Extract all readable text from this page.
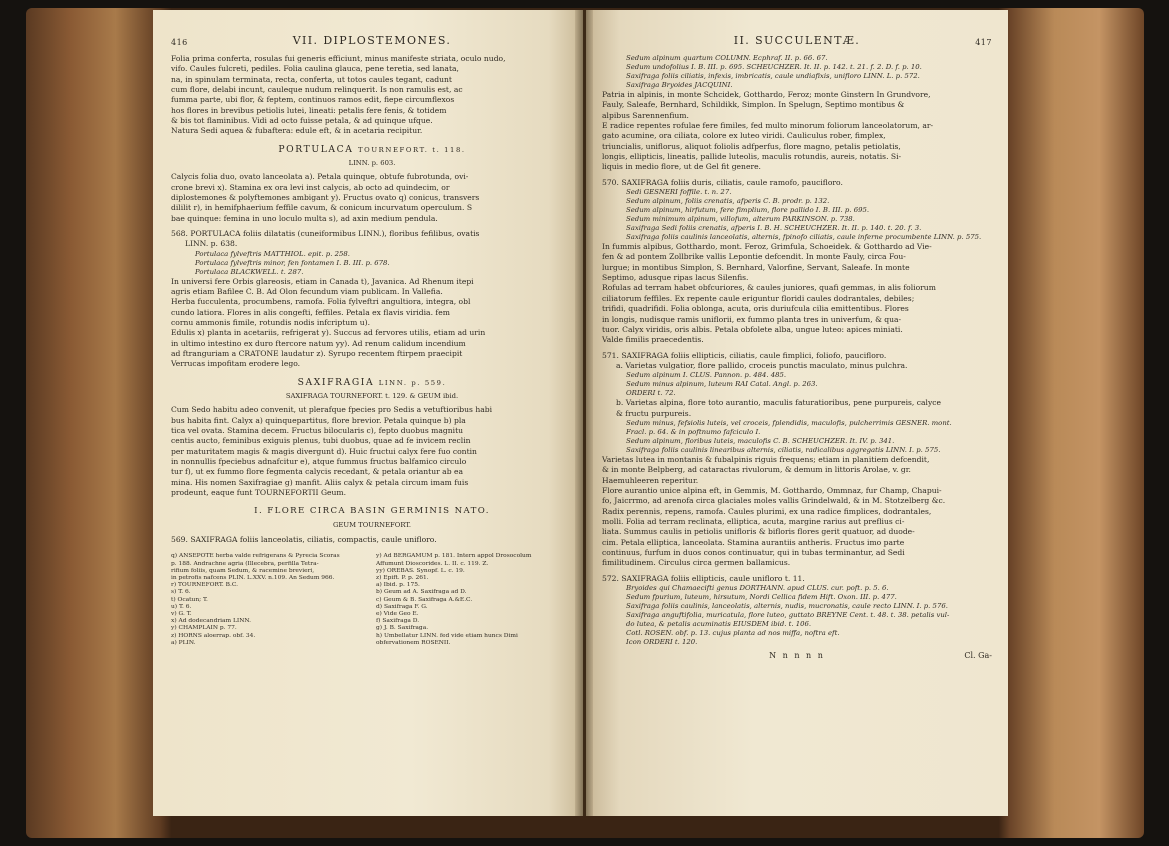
416	VII. DIPLOSTEMONES.
Folia prima conferta, rosulas fui generis efficiunt, minus manifeste striata, oculo nudo,
vifo. Caules fulcreti, pediles. Folia caulina glauca, pene teretia, sed lanata,
na, in spinulam terminata, recta, conferta, ut totos caules tegant, cadunt
cum flore, delabi incunt, cauleque nudum relinquerit. Is non ramulis est, ac
fumma parte, ubi flor, & feptem, continuos ramos edit, fiepe circumflexos
hos flores in brevibus petiolis lutei, lineati: petalis fere fenis, & totidem
& bis tot flaminibus. Vidi ad octo fuisse petala, & ad quinque ufque.
Natura Sedi aquea & fubaftera: edule eft, & in acetaria recipitur.
PORTULACA TOURNEFORT. t. 118.
LINN. p. 603.
Calycis folia duo, ovato lanceolata a). Petala quinque, obtufe fubrotunda, ovi-
crone brevi x). Stamina ex ora levi inst calycis, ab octo ad quindecim, or
diplostemones & polyftemones ambigant y). Fructus ovato q) conicus, transvers
dililit r), in hemifphaerium feffile cavum, & conicum incurvatum operculum. S
bae quinque: femina in uno loculo multa s), ad axin medium pendula.
568. PORTULACA foliis dilatatis (cuneiformibus LINN.), floribus fefilibus, ovatis
LINN. p. 638.
Portulaca fylveftris MATTHIOL. epit. p. 258.
Portulaca fylveftris minor, fen fontamen I. B. III. p. 678.
Portulaca BLACKWELL. t. 287.
In universi fere Orbis glareosis, etiam in Canada t), Javanica. Ad Rhenum itepi
agris etiam Bafilee C. B. Ad Olon fecundum viam publicam. In Vallefia.
Herba fucculenta, procumbens, ramofa. Folia fylveftri angultiora, integra, obl
cundo latiora. Flores in alis congefti, feffiles. Petala ex flavis viridia. fem
cornu ammonis fimile, rotundis nodis infcriptum u).
Edulis x) planta in acetariis, refrigerat y). Succus ad fervores utilis, etiam ad urin
in ultimo intestino ex duro ftercore natum yy). Ad renum calidum incendium
ad ftranguriam a CRATONE laudatur z). Syrupo recentem ftirpem praecipit
Verrucas impofitam erodere lego.
SAXIFRAGIA LINN. p. 559.
SAXIFRAGA TOURNEFORT. t. 129. & GEUM ibid.
Cum Sedo habitu adeo convenit, ut plerafque fpecies pro Sedis a vetuftioribus habi
bus habita fint. Calyx a) quinquepartitus, flore brevior. Petala quinque b) pla
tica vel ovata. Stamina decem. Fructus bilocularis c), fepto duobus magnitu
centis aucto, feminibus exiguis plenus, tubi duobus, quae ad fe invicem reclin
per maturitatem magis & magis divergunt d). Huic fructui calyx fere fuo contin
in nonnullis fpeciebus adnafcitur e), atque fummus fructus balfamico circulo
tur f), ut ex fummo flore fegmenta calycis recedant, & petala oriantur ab ea
mina. His nomen Saxifragiae g) manfit. Aliis calyx & petala circum imam fuis
prodeunt, eaque funt TOURNEFORTII Geum.
I. FLORE CIRCA BASIN GERMINIS NATO.
GEUM TOURNEFORT.
569. SAXIFRAGA foliis lanceolatis, ciliatis, compactis, caule unifloro.
q) ANSEPOTE herba valde refrigerans & Pyrecia Scoras
p. 188. Andrachne agria (Illecebra, perfilla Tetra-
rifium foliis, quam Sedum, & racemine brevieri,
in petrofis nafcens PLIN. L.XXV. n.109. An Sedum 966.
r) TOURNEFORT. B.C.
s) T. 6.
t) Ocatun; T.
u) T. 6.
v) G. T.
x) Ad dodecandriam LINN.
y) CHAMPLAIN p. 77.
z) HORNS aloerrap. obf. 34.
a) PLIN.
y) Ad BERGAMUM p. 181. Intern appol Drosocolum
Affumunt Dioscorides. L. II. c. 119. Z.
yy) OREBAS. Synopf. L. c. 19.
z) Epift. P. p. 261.
a) Ibid. p. 175.
b) Geum ad A. Saxifraga ad D.
c) Geum & B. Saxifraga A.&E.C.
d) Saxifraga F. G.
e) Vide Geo E.
f) Saxifraga D.
g) J. B. Saxifraga.
h) Umbellatur LINN. fed vide etiam huncs Dimi
obfervationem ROSENII.
II. SUCCULENTÆ.	417
Sedum alpinum quartum COLUMN. Ecphraf. II. p. 66. 67.
Sedum undofolius I. B. III. p. 695. SCHEUCHZER. It. II. p. 142. t. 21. f. 2. D. f. p. 10.
Saxifraga foliis ciliatis, infexis, imbricatis, caule undiafixis, unifloro LINN. L. p. 572.
Saxifraga Bryoides JACQUINI.
Patria in alpinis, in monte Schcidek, Gotthardo, Feroz; monte Ginstern In Grundvore,
Fauly, Saleafe, Bernhard, Schildikk, Simplon. In Spelugn, Septimo montibus &
alpibus Sarennenfium.
E radice repentes rofulae fere fimiles, fed multo minorum foliorum lanceolatorum, ar-
gato acumine, ora ciliata, colore ex luteo viridi. Cauliculus rober, fimplex,
triuncialis, uniflorus, aliquot foliolis adfperfus, flore magno, petalis petiolatis,
longis, ellipticis, lineatis, pallide luteolis, maculis rotundis, aureis, notatis. Si-
liquis in medio flore, ut de Gel fit genere.
570. SAXIFRAGA foliis duris, ciliatis, caule ramofo, paucifloro.
Sedi GESNERI foffile. t. n. 27.
Sedum alpinum, foliis crenatis, afperis C. B. prodr. p. 132.
Sedum alpinum, hirfutum, fere fimplium, flore pallido I. B. III. p. 695.
Sedum minimum alpinum, villofum, alterum PARKINSON. p. 738.
Saxifraga Sedi foliis crenatis, afperis I. B. H. SCHEUCHZER. It. II. p. 140. t. 20. f. 3.
Saxifraga foliis caulinis lanceolatis, alternis, fpinofo ciliatis, caule inferne procumbente LINN. p. 575.
In fummis alpibus, Gotthardo, mont. Feroz, Grimfula, Schoeidek. & Gotthardo ad Vie-
fen & ad pontem Zollbrike vallis Lepontie defcendit. In monte Fauly, circa Fou-
lurgue; in montibus Simplon, S. Bernhard, Valorfine, Servant, Saleafe. In monte
Septimo, adusque ripas lacus Silenfis.
Rofulas ad terram habet obfcuriores, & caules juniores, quafi gemmas, in alis foliorum
ciliatorum feffiles. Ex repente caule eriguntur floridi caules dodrantales, debiles;
trifidi, quadrifidi. Folia oblonga, acuta, oris duriufcula cilia emittentibus. Flores
in longis, nudisque ramis uniflorii, ex fummo planta tres in univerfum, & qua-
tuor. Calyx viridis, oris albis. Petala obfolete alba, ungue luteo: apices miniati.
Valde fimilis praecedentis.
571. SAXIFRAGA foliis ellipticis, ciliatis, caule fimplici, foliofo, paucifloro.
a. Varietas vulgatior, flore pallido, croceis punctis maculato, minus pulchra.
Sedum alpinum I. CLUS. Pannon. p. 484. 485.
Sedum minus alpinum, luteum RAI Catal. Angl. p. 263.
ORDERI t. 72.
b. Varietas alpina, flore toto aurantio, maculis faturatioribus, pene purpureis, calyce
& fructu purpureis.
Sedum minus, fefsiolis luteis, vel croceis, fplendidis, maculofis, pulcherrimis GESNER. mont.
Fracl. p. 64. & in poftnumo fafciculo I.
Sedum alpinum, floribus luteis, maculofis C. B. SCHEUCHZER. It. IV. p. 341.
Saxifraga foliis caulinis linearibus alternis, ciliatis, radicalibus aggregatis LINN. I. p. 575.
Varietas lutea in montanis & fubalpinis riguis frequens; etiam in planitiem defcendit,
& in monte Belpberg, ad cataractas rivulorum, & demum in littoris Arolae, v. gr.
Haemuhleeren reperitur.
Flore aurantio unice alpina eft, in Gemmis, M. Gotthardo, Ommnaz, fur Champ, Chapui-
fo, Jaicrrmo, ad arenofa circa glaciales moles vallis Grindelwald, & in M. Stotzelberg &c.
Radix perennis, repens, ramofa. Caules plurimi, ex una radice fimplices, dodrantales,
molli. Folia ad terram reclinata, elliptica, acuta, margine rarius aut preflius ci-
liata. Summus caulis in petiolis unifloris & bifloris flores gerit quatuor, ad duode-
cim. Petala elliptica, lanceolata. Stamina aurantiis antheris. Fructus imo parte
continuus, furfum in duos conos continuatur, qui in tubas terminantur, ad Sedi
fimilitudinem. Circulus circa germen ballamicus.
572. SAXIFRAGA foliis ellipticis, caule unifloro t. 11.
Bryoides qui Chamaecifti genus DORTHANN. apud CLUS. cur. poft. p. 5. 6.
Sedum fpurium, luteum, hirsutum, Nordi Cellica fidem Hift. Oxon. III. p. 477.
Saxifraga foliis caulinis, lanceolatis, alternis, nudis, mucronatis, caule recto LINN. I. p. 576.
Saxifraga anguftifolia, muricatula, flore luteo, guttato BREYNE Cent. t. 48. t. 38. petalis vul-
do lutea, & petalis acuminatis EIUSDEM ibid. t. 106.
Cotl. ROSEN. obf. p. 13. cujus planta ad nos miffa, noftra eft.
Icon ORDERI t. 120.
N n n n n	Cl. Ga-
